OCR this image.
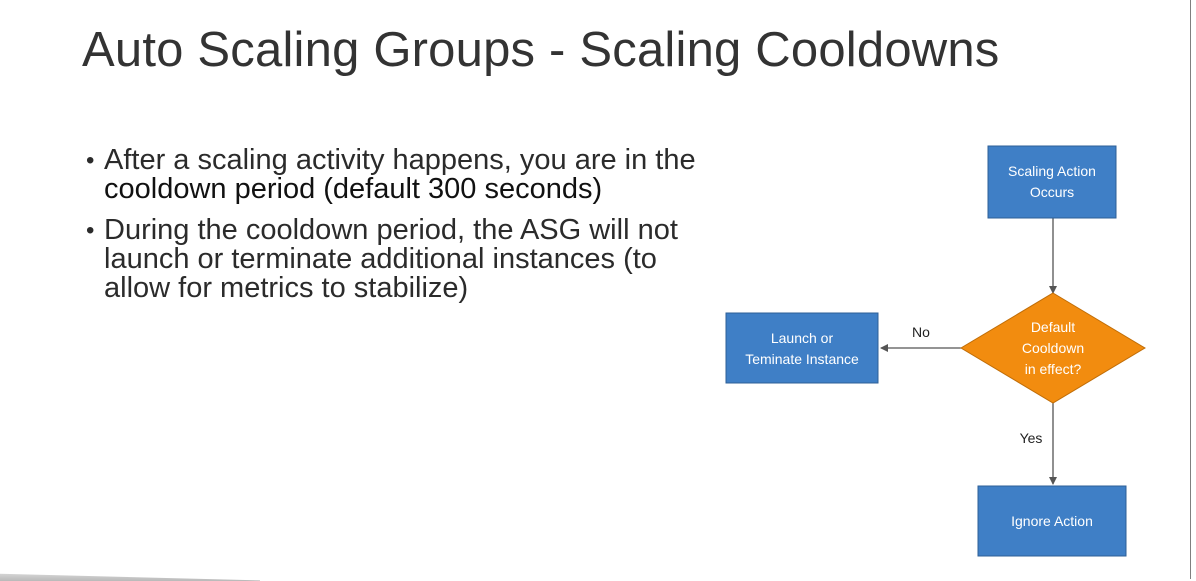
Auto Scaling Groups - Scaling Cooldowns
• After a scaling activity happens, you are in the cooldown period (default 300 seconds)
• During the cooldown period, the ASG will not launch or terminate additional instances (to allow for metrics to stabilize)
No
Yes
Scaling Action
Occurs
Default
Cooldown
in effect?
Launch or
Teminate Instance
Ignore Action
